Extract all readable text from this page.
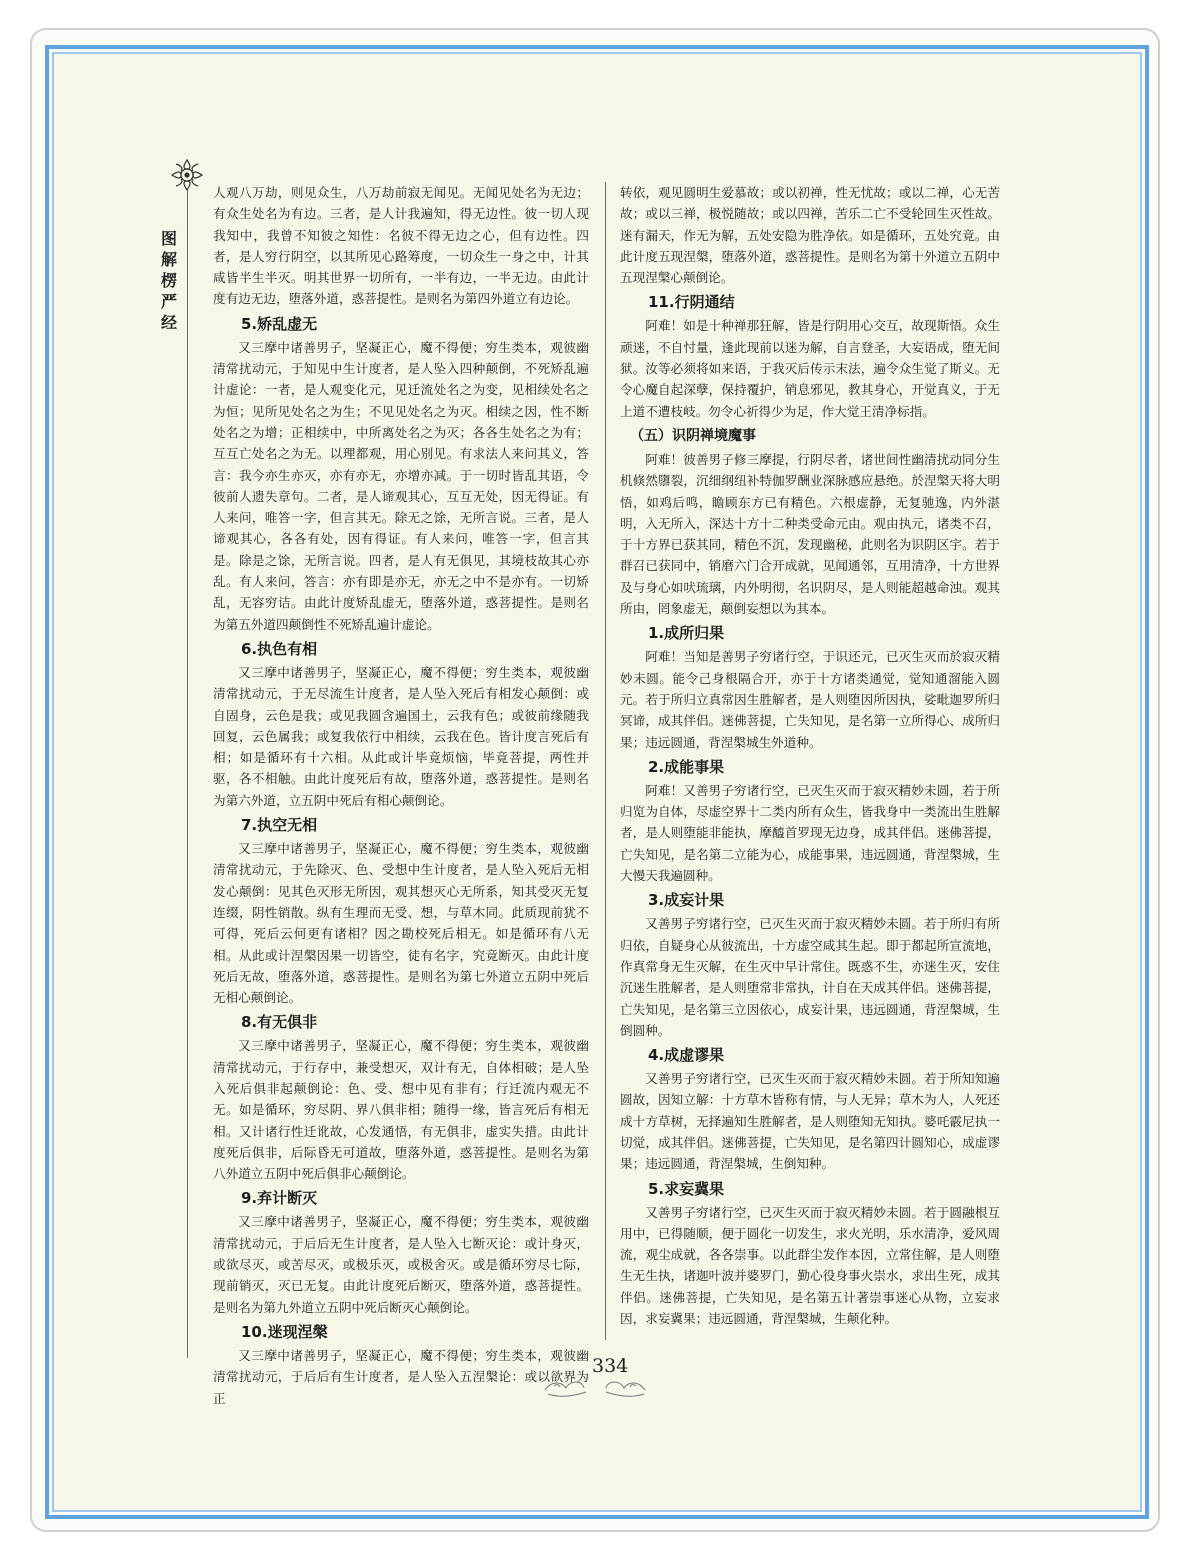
图
解
楞
严
经

人观八万劫，则见众生，八万劫前寂无闻见。无闻见处名为无边；有众生处名为有边。三者，是人计我遍知，得无边性。彼一切人现我知中，我曾不知彼之知性：名彼不得无边之心，但有边性。四者，是人穷行阴空，以其所见心路筹度，一切众生一身之中，计其咸皆半生半灭。明其世界一切所有，一半有边，一半无边。由此计度有边无边，堕落外道，惑菩提性。是则名为第四外道立有边论。

5.矫乱虚无

又三摩中诸善男子，坚凝正心，魔不得便；穷生类本，观彼幽清常扰动元，于知见中生计度者，是人坠入四种颠倒，不死矫乱遍计虚论：一者，是人观变化元，见迁流处名之为变，见相续处名之为恒；见所见处名之为生；不见见处名之为灭。相续之因，性不断处名之为增；正相续中，中所离处名之为灭；各各生处名之为有；互互亡处名之为无。以理都观，用心别见。有求法人来问其义，答言：我今亦生亦灭，亦有亦无，亦增亦减。于一切时皆乱其语，令彼前人遗失章句。二者，是人谛观其心，互互无处，因无得证。有人来问，唯答一字，但言其无。除无之馀，无所言说。三者，是人谛观其心，各各有处，因有得证。有人来问，唯答一字，但言其是。除是之馀，无所言说。四者，是人有无俱见，其境枝故其心亦乱。有人来问，答言：亦有即是亦无，亦无之中不是亦有。一切矫乱，无容穷诘。由此计度矫乱虚无，堕落外道，惑菩提性。是则名为第五外道四颠倒性不死矫乱遍计虚论。

6.执色有相

又三摩中诸善男子，坚凝正心，魔不得便；穷生类本，观彼幽清常扰动元，于无尽流生计度者，是人坠入死后有相发心颠倒：或自固身，云色是我；或见我圆含遍国土，云我有色；或彼前缘随我回复，云色属我；或复我依行中相续，云我在色。皆计度言死后有相；如是循环有十六相。从此或计毕竟烦恼，毕竟菩提，两性并驱，各不相触。由此计度死后有故，堕落外道，惑菩提性。是则名为第六外道，立五阴中死后有相心颠倒论。

7.执空无相

又三摩中诸善男子，坚凝正心，魔不得便；穷生类本，观彼幽清常扰动元，于先除灭、色、受想中生计度者，是人坠入死后无相发心颠倒：见其色灭形无所因，观其想灭心无所系，知其受灭无复连缀，阴性销散。纵有生理而无受、想，与草木同。此质现前犹不可得，死后云何更有诸相？因之勘校死后相无。如是循环有八无相。从此或计涅槃因果一切皆空，徒有名字，究竟断灭。由此计度死后无故，堕落外道，惑菩提性。是则名为第七外道立五阴中死后无相心颠倒论。

8.有无俱非

又三摩中诸善男子，坚凝正心，魔不得便；穷生类本，观彼幽清常扰动元，于行存中，兼受想灭，双计有无，自体相破；是人坠入死后俱非起颠倒论：色、受、想中见有非有；行迁流内观无不无。如是循环，穷尽阴、界八俱非相；随得一缘，皆言死后有相无相。又计诸行性迁讹故，心发通悟，有无俱非，虚实失措。由此计度死后俱非，后际昏无可道故，堕落外道，惑菩提性。是则名为第八外道立五阴中死后俱非心颠倒论。

9.弃计断灭

又三摩中诸善男子，坚凝正心，魔不得便；穷生类本，观彼幽清常扰动元，于后后无生计度者，是人坠入七断灭论：或计身灭，或欲尽灭，或苦尽灭，或极乐灭，或极舍灭。或是循环穷尽七际，现前销灭，灭已无复。由此计度死后断灭，堕落外道，惑菩提性。是则名为第九外道立五阴中死后断灭心颠倒论。

10.迷现涅槃

又三摩中诸善男子，坚凝正心，魔不得便；穷生类本，观彼幽清常扰动元，于后后有生计度者，是人坠入五涅槃论：或以欲界为正

转依，观见圆明生爱慕故；或以初禅，性无忧故；或以二禅，心无苦故；或以三禅，极悦随故；或以四禅，苦乐二亡不受轮回生灭性故。迷有漏天，作无为解，五处安隐为胜净依。如是循环，五处究竟。由此计度五现涅槃，堕落外道，惑菩提性。是则名为第十外道立五阴中五现涅槃心颠倒论。

11.行阴通结

阿难！如是十种禅那狂解，皆是行阴用心交互，故现斯悟。众生顽迷，不自忖量，逢此现前以迷为解，自言登圣，大妄语成，堕无间狱。汝等必须将如来语，于我灭后传示末法，遍令众生觉了斯义。无令心魔自起深孽，保持覆护，销息邪见，教其身心，开觉真义，于无上道不遭枝岐。勿令心祈得少为足，作大觉王清净标指。

（五）识阴禅境魔事

阿难！彼善男子修三摩提，行阴尽者，诸世间性幽清扰动同分生机倏然隳裂，沉细纲纽补特伽罗酬业深脉感应悬绝。於涅槃天将大明悟，如鸡后鸣，瞻顾东方已有精色。六根虚静，无复驰逸，内外湛明，入无所入，深达十方十二种类受命元由。观由执元，诸类不召，于十方界已获其同，精色不沉，发现幽秘，此则名为识阴区宇。若于群召已获同中，销磨六门合开成就，见闻通邻，互用清净，十方世界及与身心如吠琉璃，内外明彻，名识阴尽，是人则能超越命浊。观其所由，罔象虚无，颠倒妄想以为其本。

1.成所归果

阿难！当知是善男子穷诸行空，于识还元，已灭生灭而於寂灭精妙未圆。能令己身根隔合开，亦于十方诸类通觉，觉知通溜能入圆元。若于所归立真常因生胜解者，是人则堕因所因执，娑毗迦罗所归冥谛，成其伴侣。迷佛菩提，亡失知见，是名第一立所得心、成所归果；违远圆通，背涅槃城生外道种。

2.成能事果

阿难！又善男子穷诸行空，已灭生灭而于寂灭精妙未圆，若于所归览为自体，尽虚空界十二类内所有众生，皆我身中一类流出生胜解者，是人则堕能非能执，摩醯首罗现无边身，成其伴侣。迷佛菩提，亡失知见，是名第二立能为心，成能事果，违远圆通，背涅槃城，生大慢天我遍圆种。

3.成妄计果

又善男子穷诸行空，已灭生灭而于寂灭精妙未圆。若于所归有所归依，自疑身心从彼流出，十方虚空咸其生起。即于都起所宣流地，作真常身无生灭解，在生灭中早计常住。既惑不生，亦迷生灭，安住沉迷生胜解者，是人则堕常非常执，计自在天成其伴侣。迷佛菩提，亡失知见，是名第三立因依心，成妄计果，违远圆通，背涅槃城，生倒圆种。

4.成虚谬果

又善男子穷诸行空，已灭生灭而于寂灭精妙未圆。若于所知知遍圆故，因知立解：十方草木皆称有情，与人无异；草木为人，人死还成十方草树，无择遍知生胜解者，是人则堕知无知执。婆吒霰尼执一切觉，成其伴侣。迷佛菩提，亡失知见，是名第四计圆知心，成虚谬果；违远圆通，背涅槃城，生倒知种。

5.求妄冀果

又善男子穷诸行空，已灭生灭而于寂灭精妙未圆。若于圆融根互用中，已得随顺，便于圆化一切发生，求火光明，乐水清净，爱风周流，观尘成就，各各崇事。以此群尘发作本因，立常住解，是人则堕生无生执，诸迦叶波并婆罗门，勤心役身事火崇水，求出生死，成其伴侣。迷佛菩提，亡失知见，是名第五计著崇事迷心从物，立妄求因，求妄冀果；违远圆通，背涅槃城，生颠化种。

334
